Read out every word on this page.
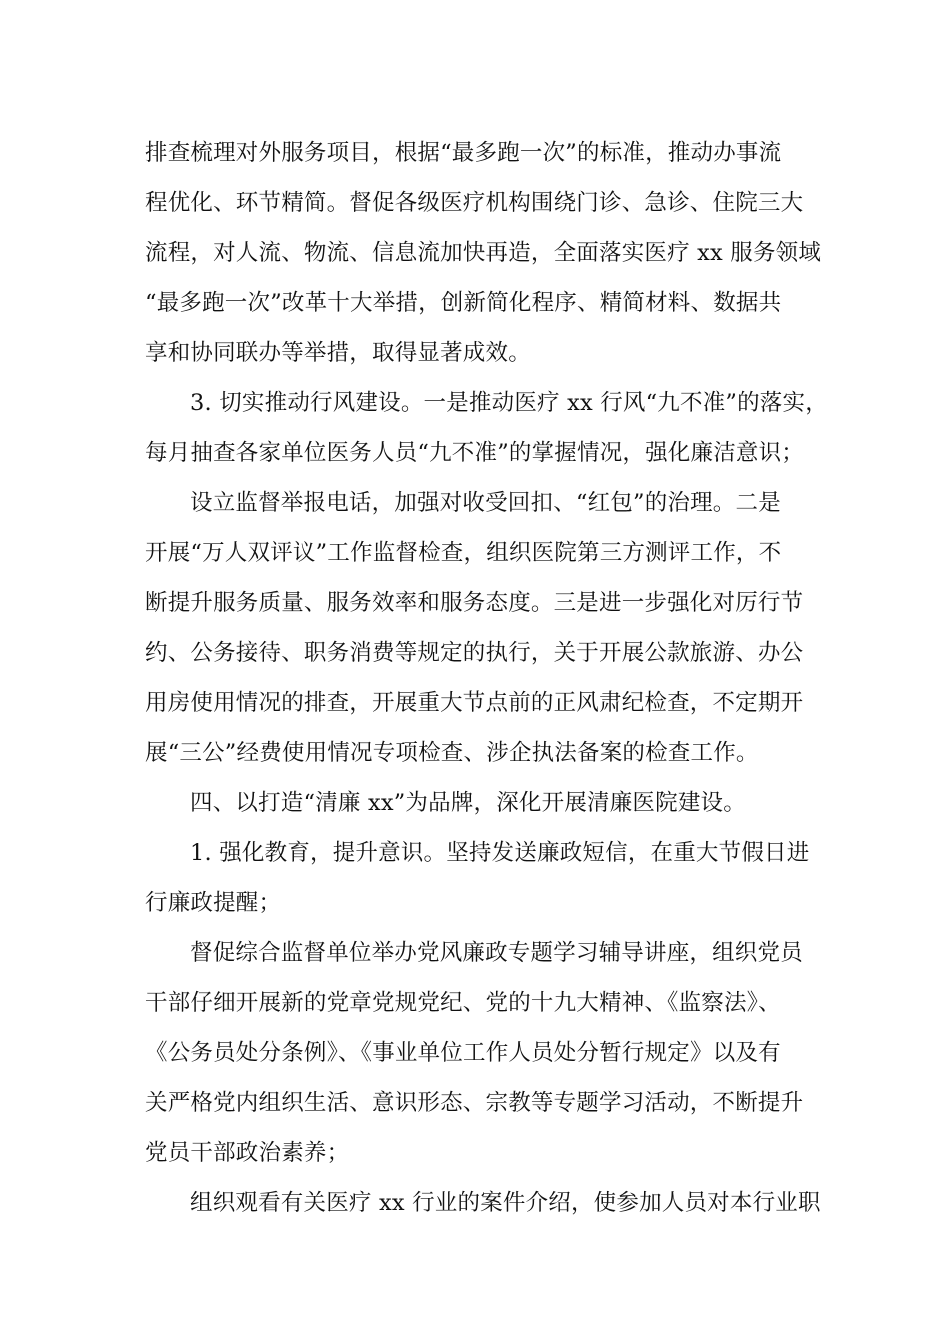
排查梳理对外服务项目，根据“最多跑一次”的标准，推动办事流
程优化、环节精简。督促各级医疗机构围绕门诊、急诊、住院三大
流程，对人流、物流、信息流加快再造，全面落实医疗 xx 服务领域
“最多跑一次”改革十大举措，创新简化程序、精简材料、数据共
享和协同联办等举措，取得显著成效。
3. 切实推动行风建设。一是推动医疗 xx 行风“九不准”的落实，
每月抽查各家单位医务人员“九不准”的掌握情况，强化廉洁意识；
设立监督举报电话，加强对收受回扣、“红包”的治理。二是
开展“万人双评议”工作监督检查，组织医院第三方测评工作，不
断提升服务质量、服务效率和服务态度。三是进一步强化对厉行节
约、公务接待、职务消费等规定的执行，关于开展公款旅游、办公
用房使用情况的排查，开展重大节点前的正风肃纪检查，不定期开
展“三公”经费使用情况专项检查、涉企执法备案的检查工作。
四、以打造“清廉 xx”为品牌，深化开展清廉医院建设。
1. 强化教育，提升意识。坚持发送廉政短信，在重大节假日进
行廉政提醒；
督促综合监督单位举办党风廉政专题学习辅导讲座，组织党员
干部仔细开展新的党章党规党纪、党的十九大精神、《监察法》、
《公务员处分条例》、《事业单位工作人员处分暂行规定》以及有
关严格党内组织生活、意识形态、宗教等专题学习活动，不断提升
党员干部政治素养；
组织观看有关医疗 xx 行业的案件介绍，使参加人员对本行业职
